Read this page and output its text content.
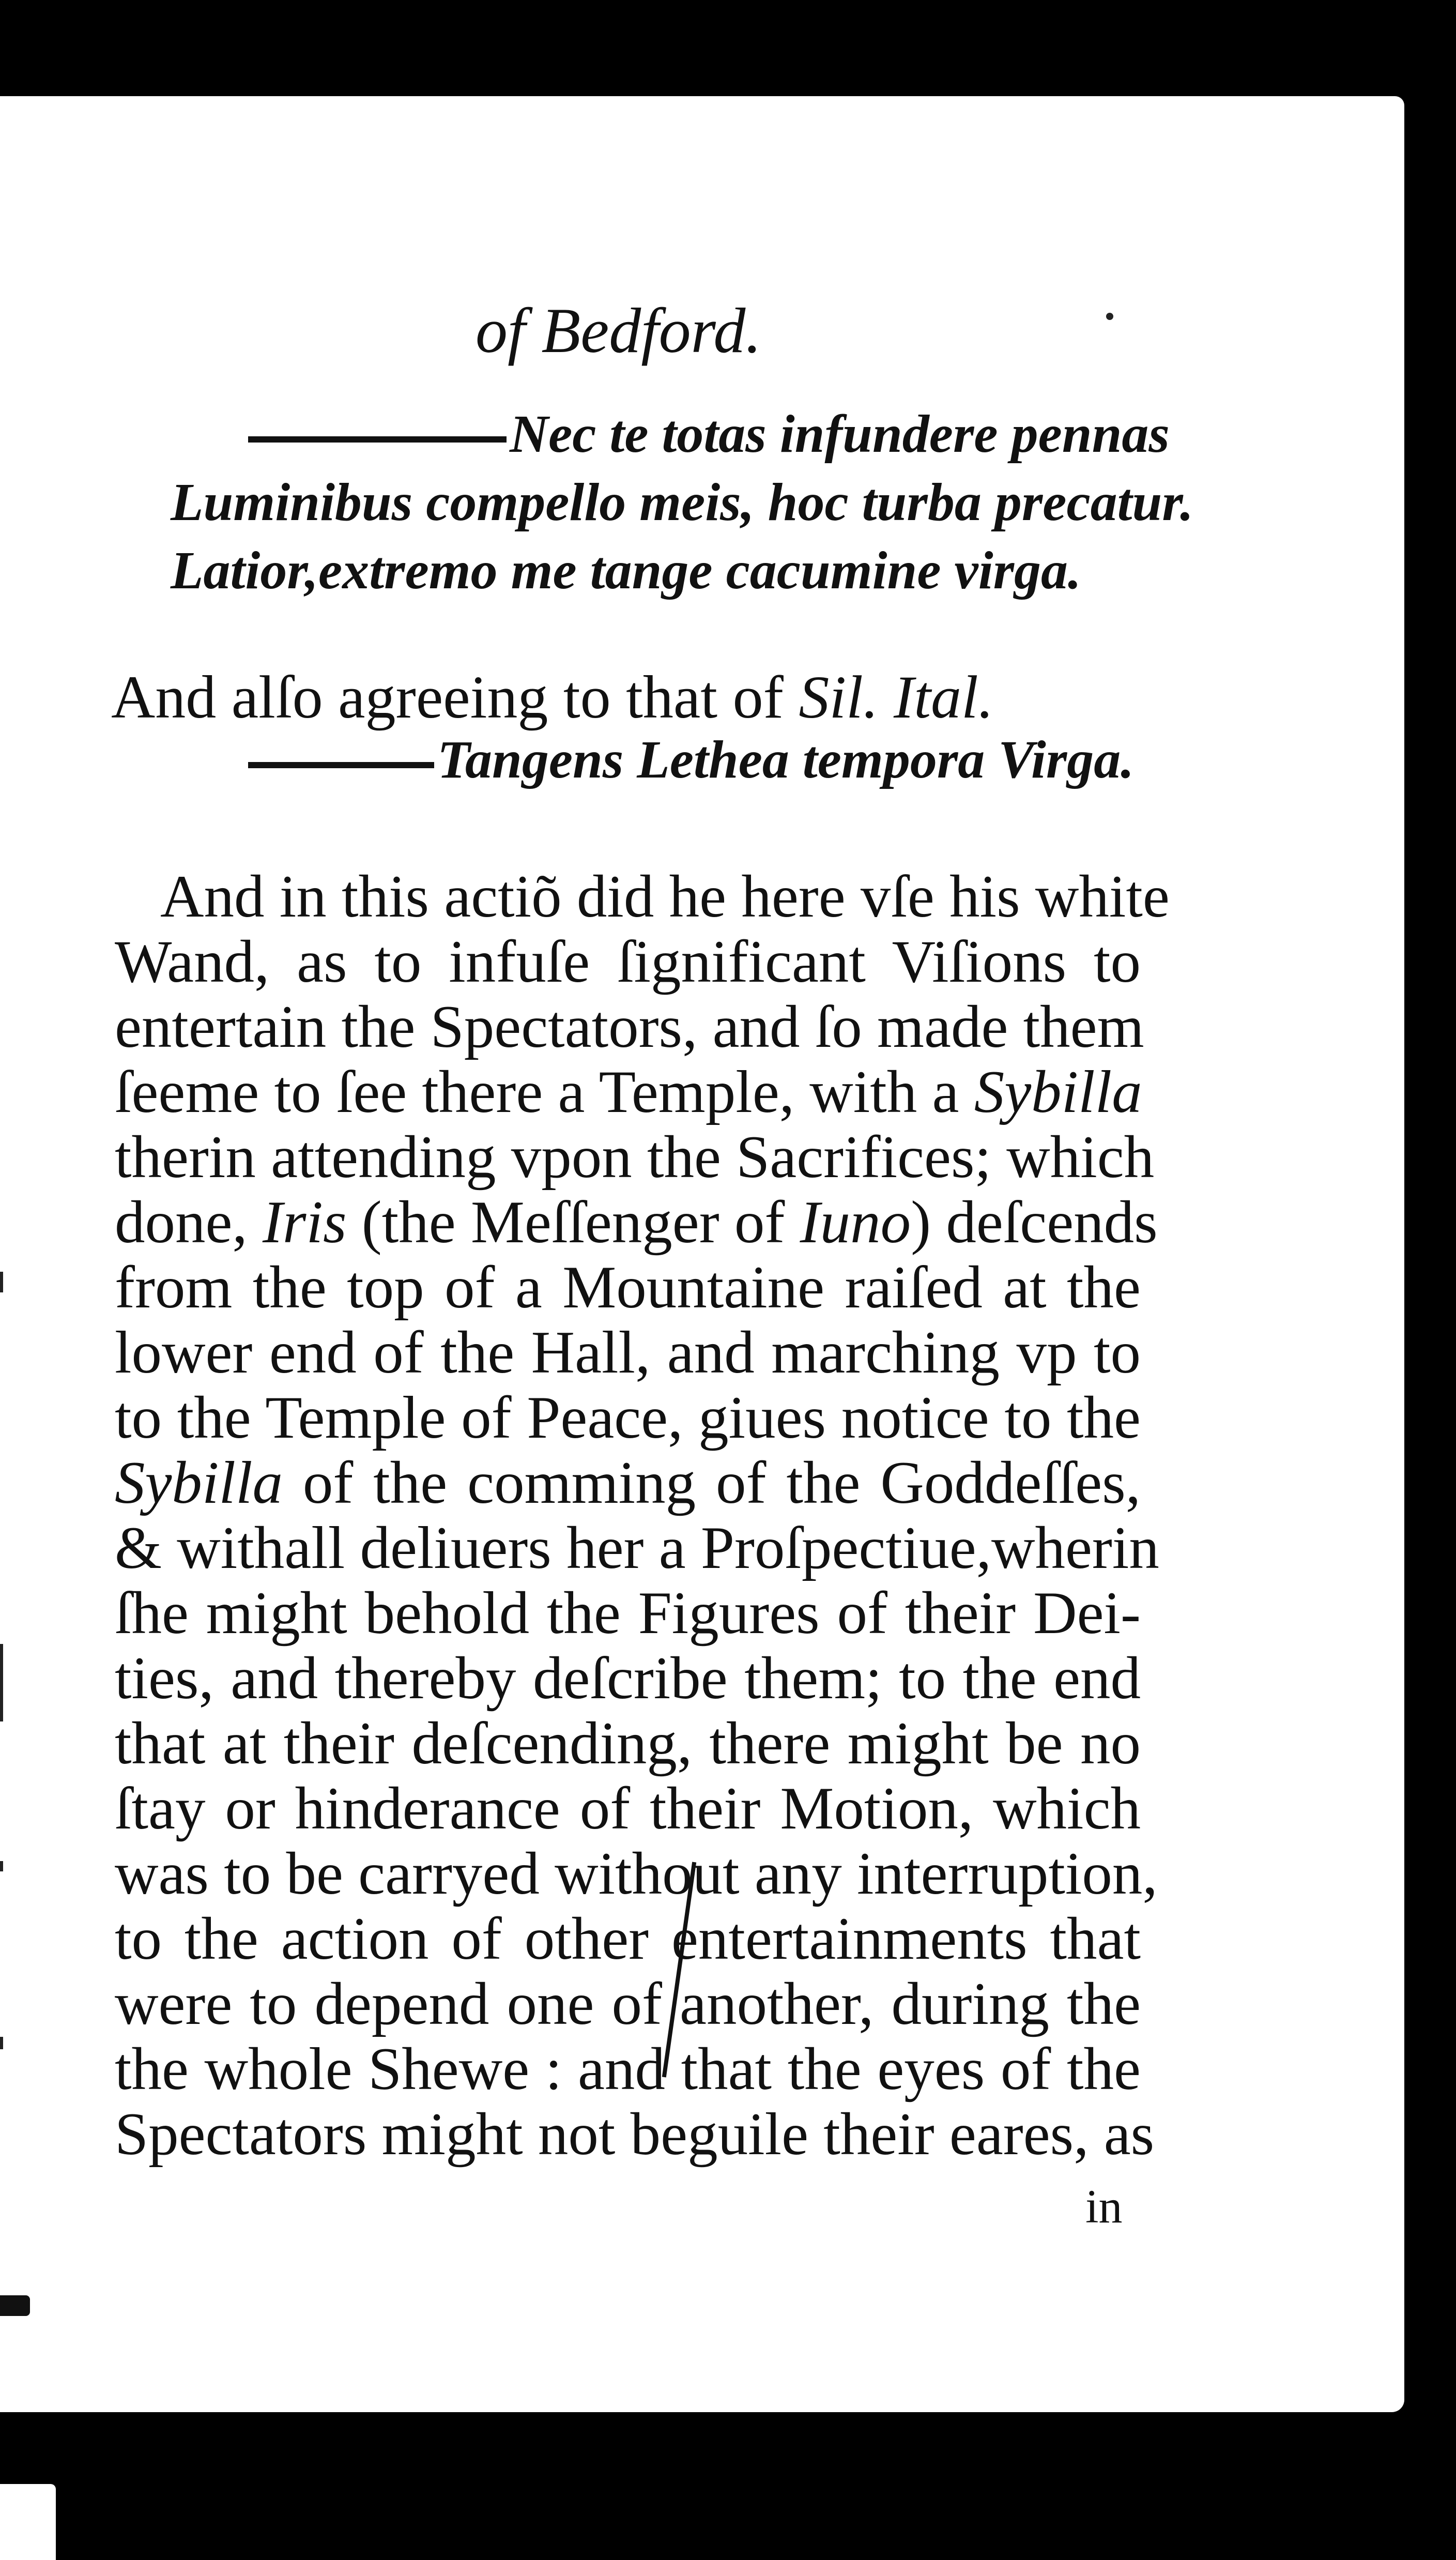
of Bedford.
Nec te totas infundere pennas
Luminibus compello meis, hoc turba precatur.
Latior,extremo me tange cacumine virga.
And alſo agreeing to that of Sil. Ital.
Tangens Lethea tempora Virga.
And in this actiõ did he here vſe his white
Wand, as to infuſe ſignificant Viſions to
entertain the Spectators, and ſo made them
ſeeme to ſee there a Temple, with a Sybilla
therin attending vpon the Sacrifices; which
done, Iris (the Meſſenger of Iuno) deſcends
from the top of a Mountaine raiſed at the
lower end of the Hall, and marching vp to
to the Temple of Peace, giues notice to the
Sybilla of the comming of the Goddeſſes,
& withall deliuers her a Proſpectiue,wherin
ſhe might behold the Figures of their Dei-
ties, and thereby deſcribe them; to the end
that at their deſcending, there might be no
ſtay or hinderance of their Motion, which
was to be carryed without any interruption,
to the action of other entertainments that
were to depend one of another, during the
the whole Shewe : and that the eyes of the
Spectators might not beguile their eares, as
in
